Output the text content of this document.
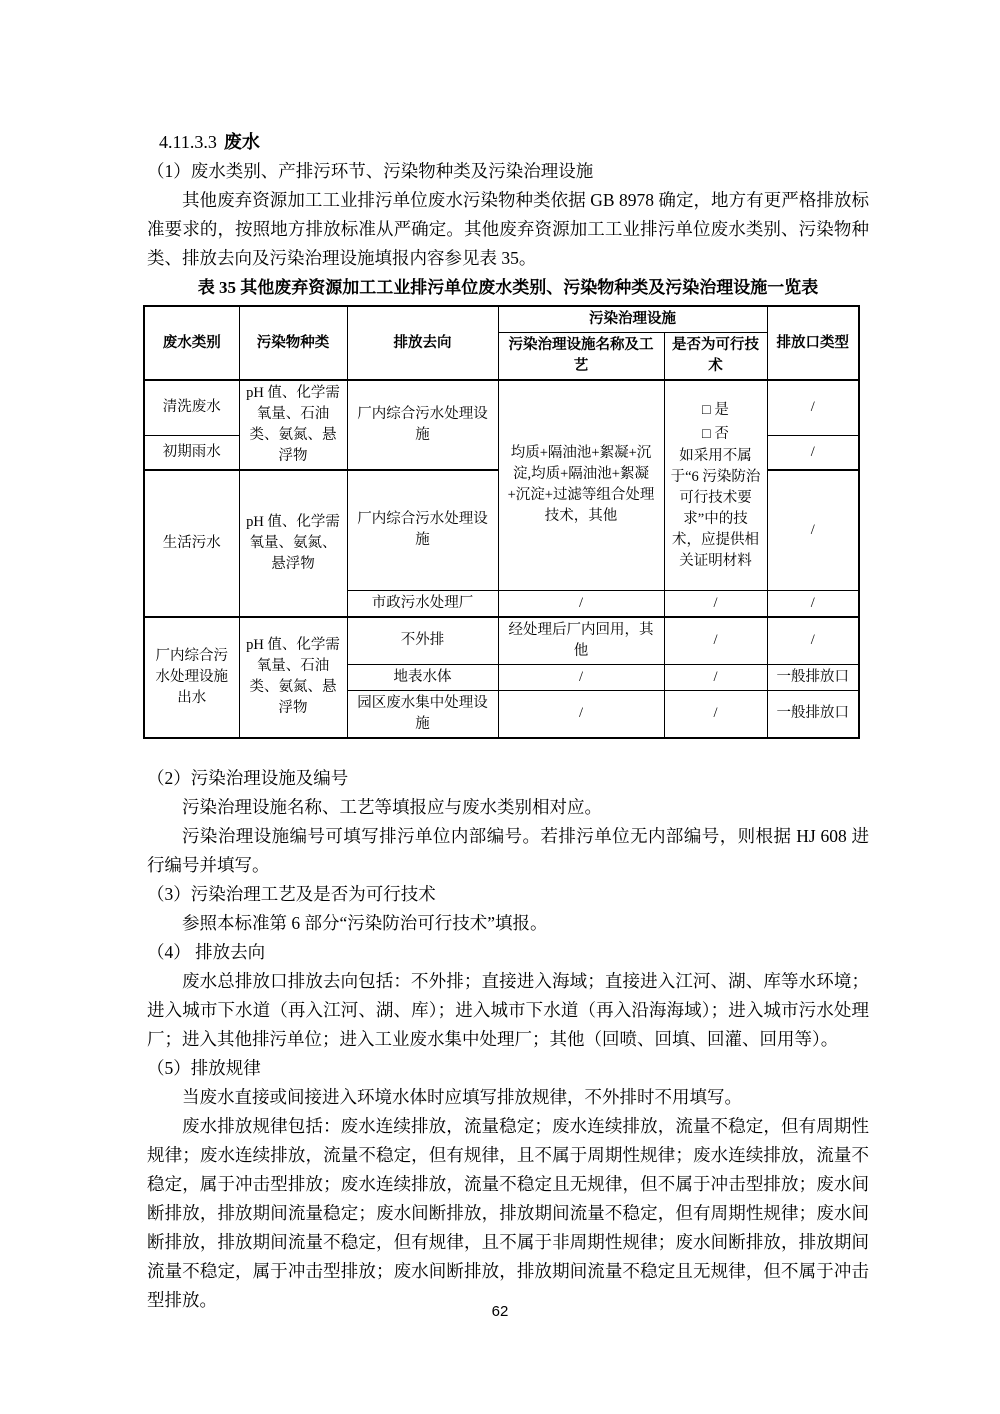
4.11.3.3 废水

（1）废水类别、产排污环节、污染物种类及污染治理设施

其他废弃资源加工工业排污单位废水污染物种类依据 GB 8978 确定，地方有更严格排放标准要求的，按照地方排放标准从严确定。其他废弃资源加工工业排污单位废水类别、污染物种类、排放去向及污染治理设施填报内容参见表 35。

表 35 其他废弃资源加工工业排污单位废水类别、污染物种类及污染治理设施一览表

废水类别	污染物种类	排放去向	污染治理设施		排放口类型
			污染治理设施名称及工艺	是否为可行技术	
清洗废水	pH 值、化学需氧量、石油类、氨氮、悬浮物	厂内综合污水处理设施	均质+隔油池+絮凝+沉淀,均质+隔油池+絮凝+沉淀+过滤等组合处理技术，其他	□ 是
□ 否
如采用不属于“6 污染防治可行技术要求”中的技术，应提供相关证明材料	/
初期雨水					/
生活污水	pH 值、化学需氧量、氨氮、悬浮物	厂内综合污水处理设施			/
		市政污水处理厂	/	/	/
厂内综合污水处理设施出水	pH 值、化学需氧量、石油类、氨氮、悬浮物	不外排	经处理后厂内回用，其他	/	/
		地表水体	/	/	一般排放口
		园区废水集中处理设施	/	/	一般排放口

（2）污染治理设施及编号

污染治理设施名称、工艺等填报应与废水类别相对应。

污染治理设施编号可填写排污单位内部编号。若排污单位无内部编号，则根据 HJ 608 进行编号并填写。

（3）污染治理工艺及是否为可行技术

参照本标准第 6 部分“污染防治可行技术”填报。

（4） 排放去向

废水总排放口排放去向包括：不外排；直接进入海域；直接进入江河、湖、库等水环境；进入城市下水道（再入江河、湖、库）；进入城市下水道（再入沿海海域）；进入城市污水处理厂；进入其他排污单位；进入工业废水集中处理厂；其他（回喷、回填、回灌、回用等）。

（5）排放规律

当废水直接或间接进入环境水体时应填写排放规律，不外排时不用填写。

废水排放规律包括：废水连续排放，流量稳定；废水连续排放，流量不稳定，但有周期性规律；废水连续排放，流量不稳定，但有规律，且不属于周期性规律；废水连续排放，流量不稳定，属于冲击型排放；废水连续排放，流量不稳定且无规律，但不属于冲击型排放；废水间断排放，排放期间流量稳定；废水间断排放，排放期间流量不稳定，但有周期性规律；废水间断排放，排放期间流量不稳定，但有规律，且不属于非周期性规律；废水间断排放，排放期间流量不稳定，属于冲击型排放；废水间断排放，排放期间流量不稳定且无规律，但不属于冲击型排放。

62
